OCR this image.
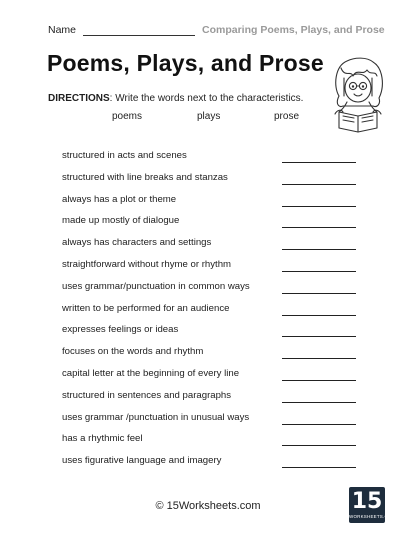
Name	Comparing Poems, Plays, and Prose
Poems, Plays, and Prose
DIRECTIONS: Write the words next to the characteristics.
poems	plays	prose
structured in acts and scenes
structured with line breaks and stanzas
always has a plot or theme
made up mostly of dialogue
always has characters and settings
straightforward without rhyme or rhythm
uses grammar/punctuation in common ways
written to be performed for an audience
expresses feelings or ideas
focuses on the words and rhythm
capital letter at the beginning of every line
structured in sentences and paragraphs
uses grammar /punctuation in unusual ways
has a rhythmic feel
uses figurative language and imagery
© 15Worksheets.com	15
WORKSHEETS.COM
